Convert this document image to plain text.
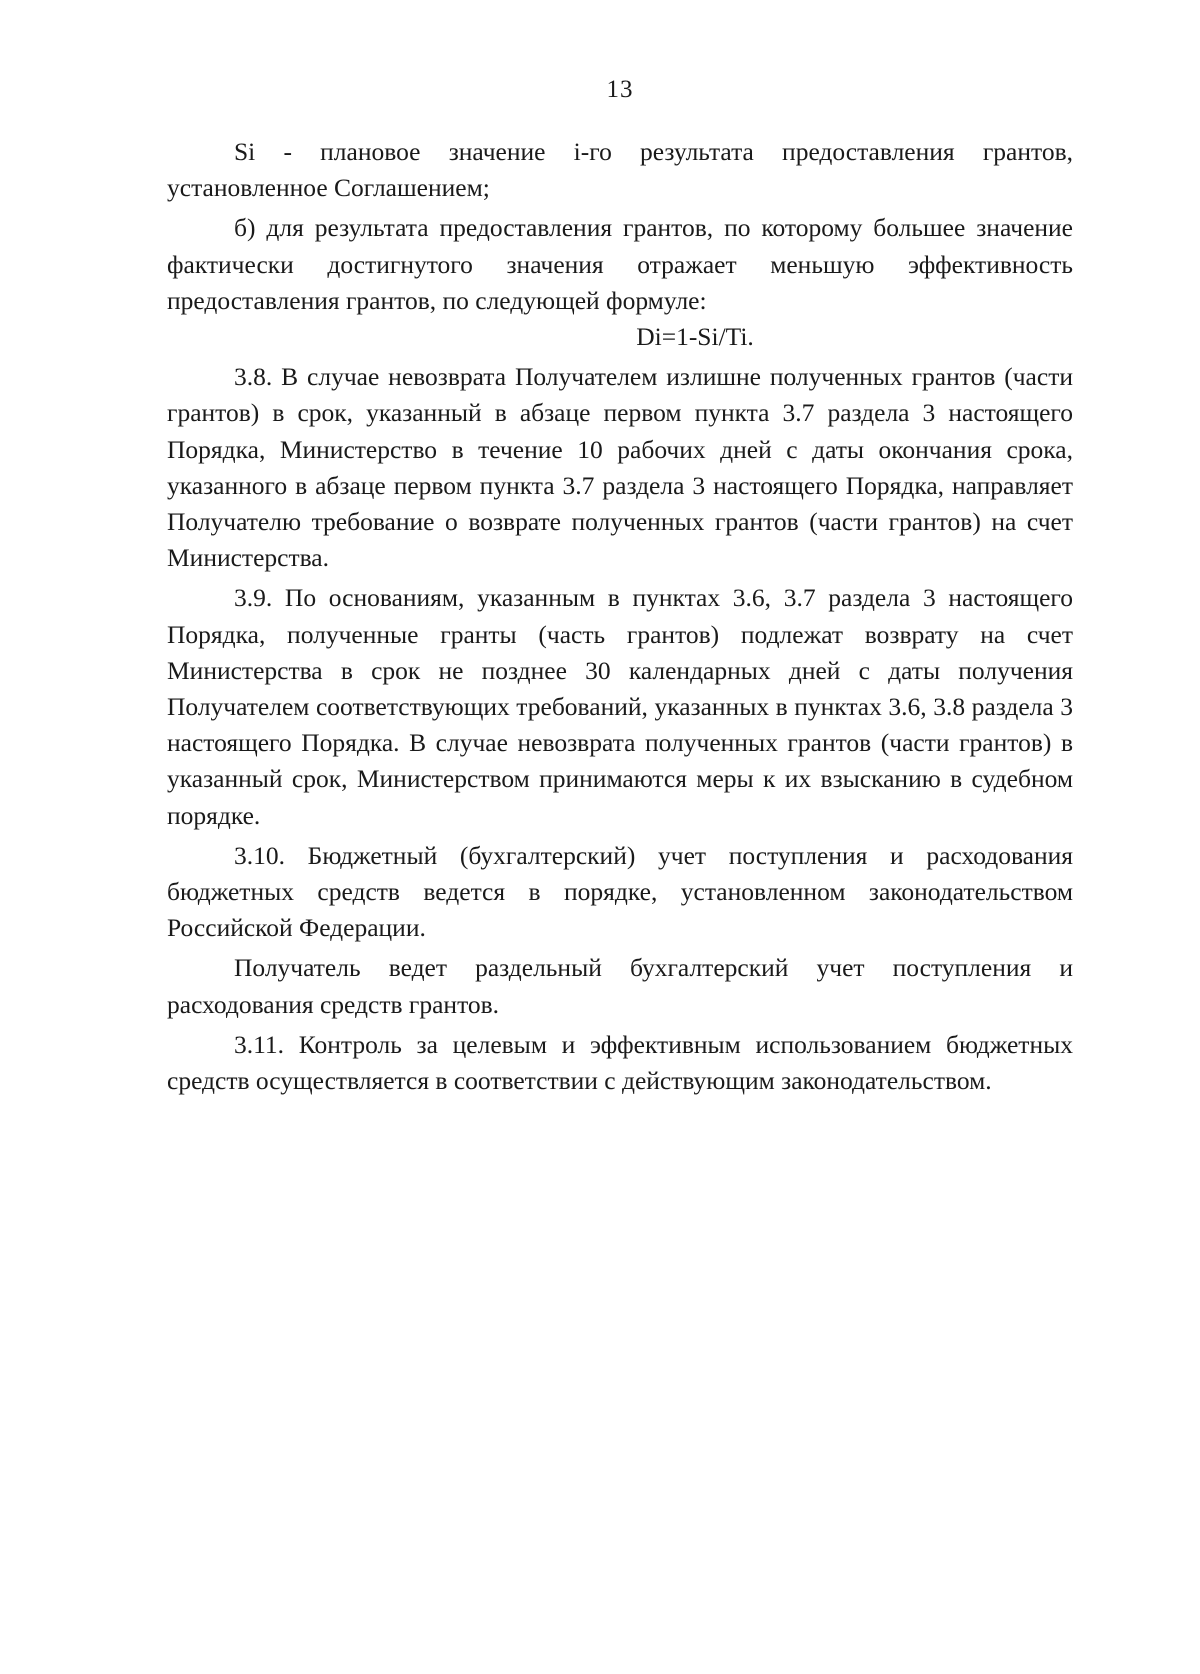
13

Si - плановое значение i-го результата предоставления грантов, установленное Соглашением;

б) для результата предоставления грантов, по которому большее значение фактически достигнутого значения отражает меньшую эффективность предоставления грантов, по следующей формуле:

Di=1-Si/Ti.

3.8. В случае невозврата Получателем излишне полученных грантов (части грантов) в срок, указанный в абзаце первом пункта 3.7 раздела 3 настоящего Порядка, Министерство в течение 10 рабочих дней с даты окончания срока, указанного в абзаце первом пункта 3.7 раздела 3 настоящего Порядка, направляет Получателю требование о возврате полученных грантов (части грантов) на счет Министерства.

3.9. По основаниям, указанным в пунктах 3.6, 3.7 раздела 3 настоящего Порядка, полученные гранты (часть грантов) подлежат возврату на счет Министерства в срок не позднее 30 календарных дней с даты получения Получателем соответствующих требований, указанных в пунктах 3.6, 3.8 раздела 3 настоящего Порядка. В случае невозврата полученных грантов (части грантов) в указанный срок, Министерством принимаются меры к их взысканию в судебном порядке.

3.10. Бюджетный (бухгалтерский) учет поступления и расходования бюджетных средств ведется в порядке, установленном законодательством Российской Федерации.

Получатель ведет раздельный бухгалтерский учет поступления и расходования средств грантов.

3.11. Контроль за целевым и эффективным использованием бюджетных средств осуществляется в соответствии с действующим законодательством.
